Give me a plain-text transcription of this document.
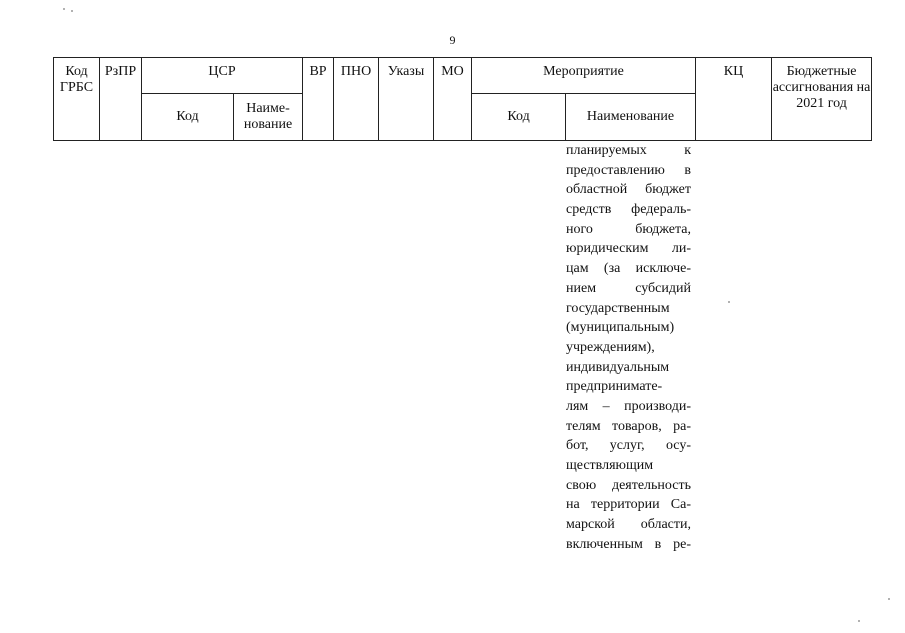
9
Код ГРБС	РзПР	ЦСР		ВР	ПНО	Указы	МО	Мероприятие		КЦ	Бюджетные ассигнования на 2021 год
		Код	Наиме-нование					Код	Наименование		
планируемых к
предоставлению в
областной бюджет
средств федераль-
ного бюджета,
юридическим ли-
цам (за исключе-
нием субсидий
государственным
(муниципальным)
учреждениям),
индивидуальным
предпринимате-
лям – производи-
телям товаров, ра-
бот, услуг, осу-
ществляющим
свою деятельность
на территории Са-
марской области,
включенным в ре-
